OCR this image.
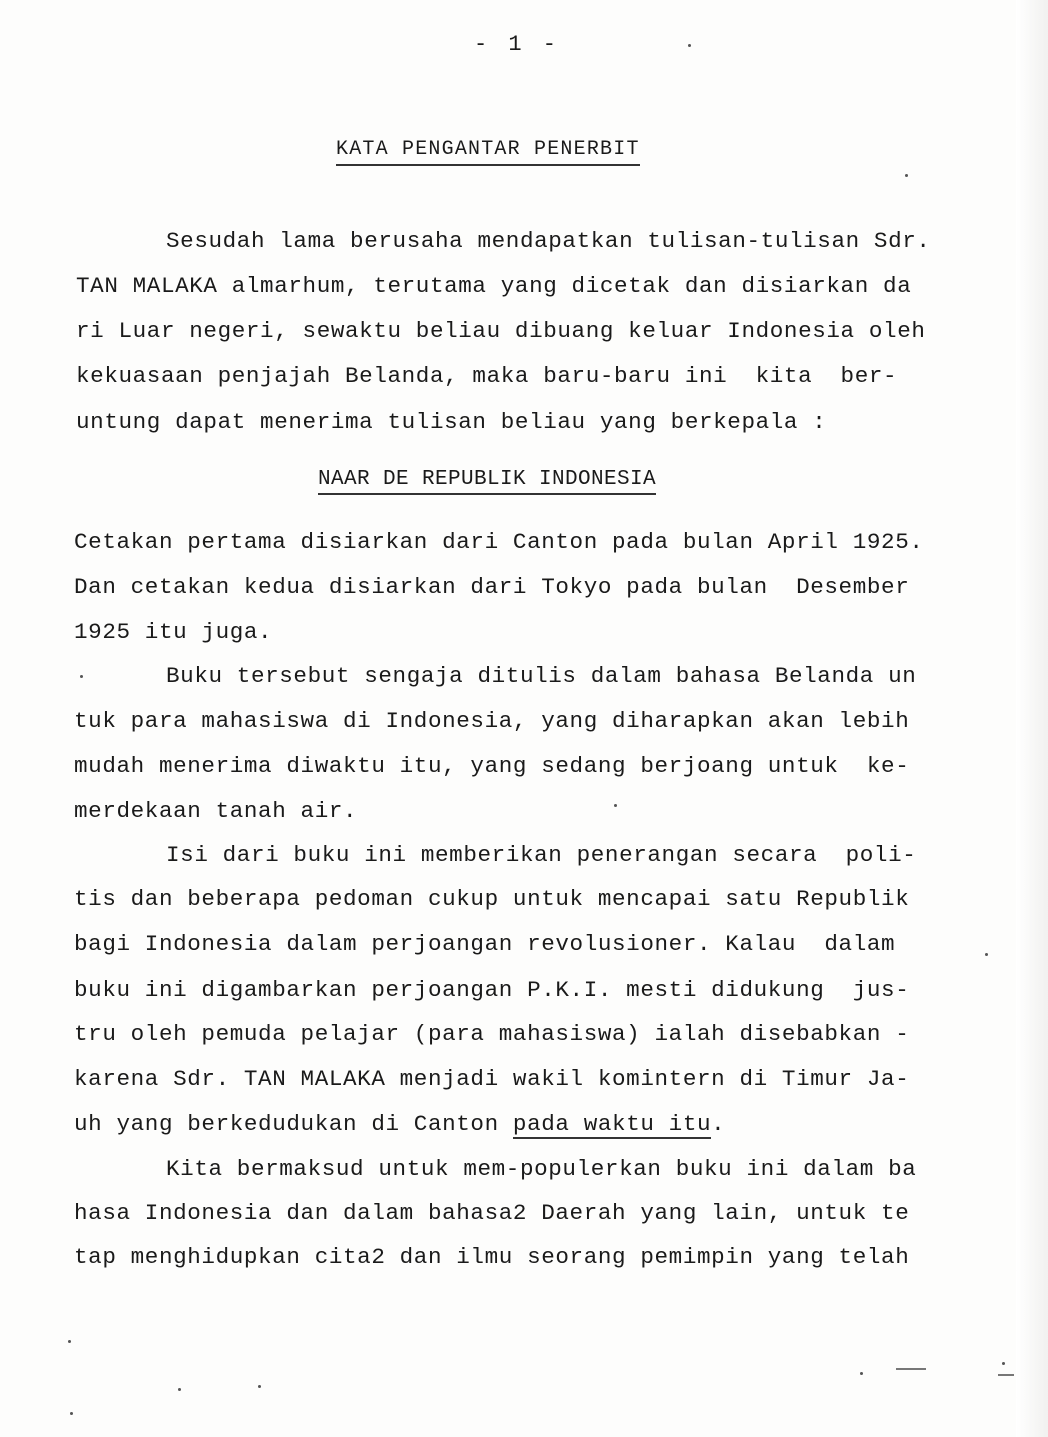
- 1 -
KATA PENGANTAR PENERBIT
Sesudah lama berusaha mendapatkan tulisan-tulisan Sdr.
TAN MALAKA almarhum, terutama yang dicetak dan disiarkan da
ri Luar negeri, sewaktu beliau dibuang keluar Indonesia oleh
kekuasaan penjajah Belanda, maka baru-baru ini  kita  ber-
untung dapat menerima tulisan beliau yang berkepala :
NAAR DE REPUBLIK INDONESIA
Cetakan pertama disiarkan dari Canton pada bulan April 1925.
Dan cetakan kedua disiarkan dari Tokyo pada bulan  Desember
1925 itu juga.
Buku tersebut sengaja ditulis dalam bahasa Belanda un
tuk para mahasiswa di Indonesia, yang diharapkan akan lebih
mudah menerima diwaktu itu, yang sedang berjoang untuk  ke-
merdekaan tanah air.
Isi dari buku ini memberikan penerangan secara  poli-
tis dan beberapa pedoman cukup untuk mencapai satu Republik
bagi Indonesia dalam perjoangan revolusioner. Kalau  dalam
buku ini digambarkan perjoangan P.K.I. mesti didukung  jus-
tru oleh pemuda pelajar (para mahasiswa) ialah disebabkan -
karena Sdr. TAN MALAKA menjadi wakil komintern di Timur Ja-
uh yang berkedudukan di Canton pada waktu itu.
Kita bermaksud untuk mem-populerkan buku ini dalam ba
hasa Indonesia dan dalam bahasa2 Daerah yang lain, untuk te
tap menghidupkan cita2 dan ilmu seorang pemimpin yang telah
